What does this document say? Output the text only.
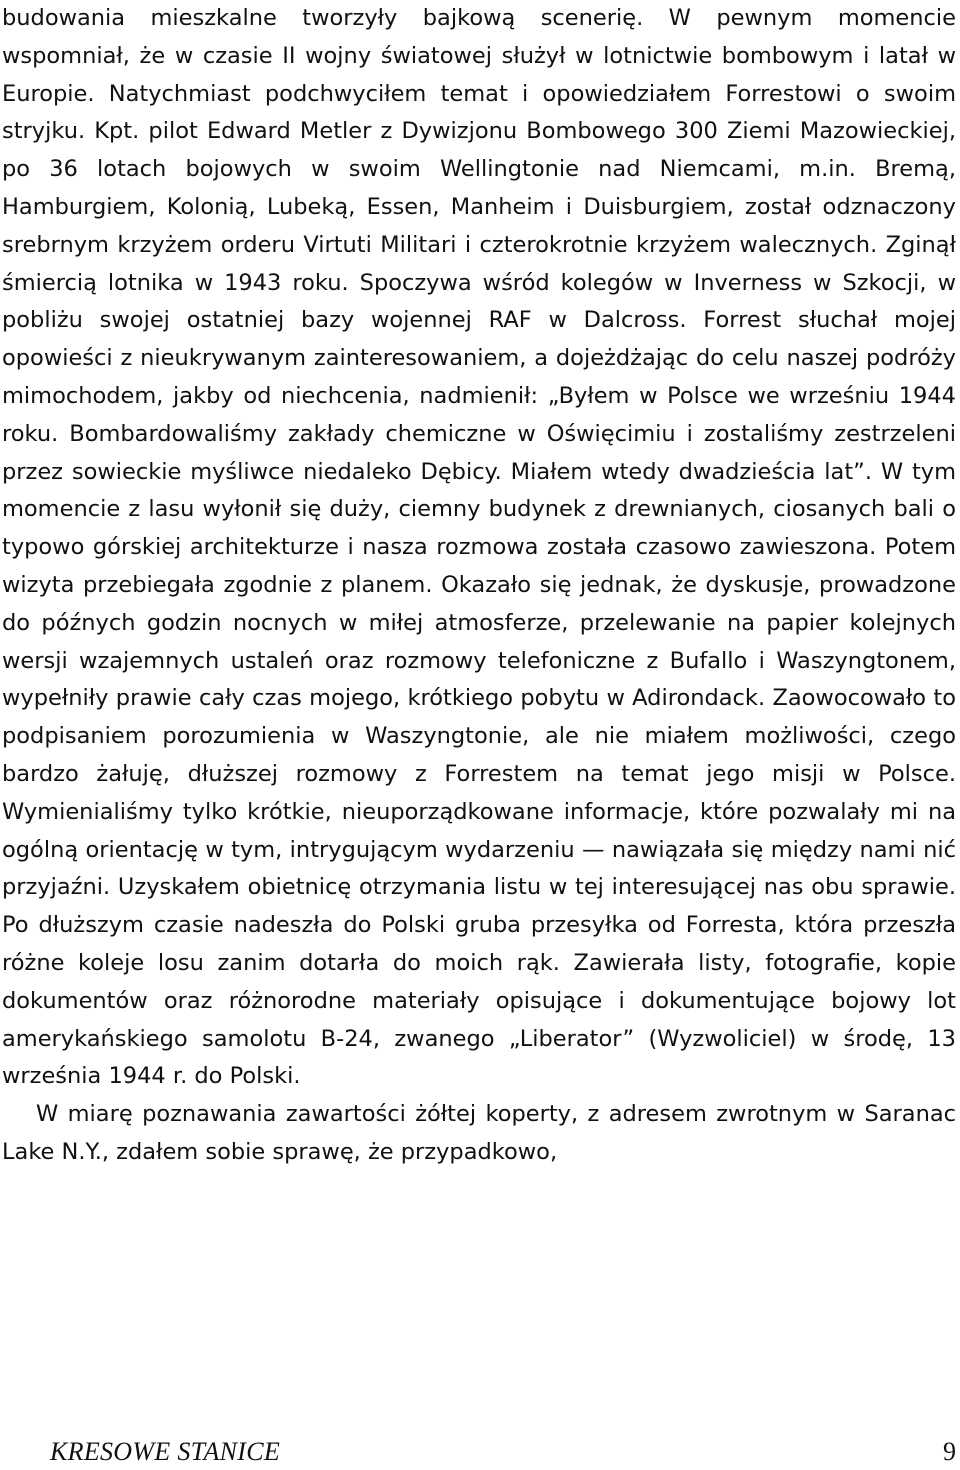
budowania mieszkalne tworzyły bajkową scenerię. W pewnym momencie wspomniał, że w czasie II wojny światowej służył w lotnictwie bombowym i latał w Europie. Natychmiast podchwyciłem temat i opowiedziałem Forrestowi o swoim stryjku. Kpt. pilot Edward Metler z Dywizjonu Bombowego 300 Ziemi Mazowieckiej, po 36 lotach bojowych w swoim Wellingtonie nad Niemcami, m.in. Bremą, Hamburgiem, Kolonią, Lubeką, Essen, Manheim i Duisburgiem, został odznaczony srebrnym krzyżem orderu Virtuti Militari i czterokrotnie krzyżem walecznych. Zginął śmiercią lotnika w 1943 roku. Spoczywa wśród kolegów w Inverness w Szkocji, w pobliżu swojej ostatniej bazy wojennej RAF w Dalcross. Forrest słuchał mojej opowieści z nieukrywanym zainteresowaniem, a dojeżdżając do celu naszej podróży mimochodem, jakby od niechcenia, nadmienił: „Byłem w Polsce we wrześniu 1944 roku. Bombardowaliśmy zakłady chemiczne w Oświęcimiu i zostaliśmy zestrzeleni przez sowieckie myśliwce niedaleko Dębicy. Miałem wtedy dwadzieścia lat”. W tym momencie z lasu wyłonił się duży, ciemny budynek z drewnianych, ciosanych bali o typowo górskiej architekturze i nasza rozmowa została czasowo zawieszona. Potem wizyta przebiegała zgodnie z planem. Okazało się jednak, że dyskusje, prowadzone do późnych godzin nocnych w miłej atmosferze, przelewanie na papier kolejnych wersji wzajemnych ustaleń oraz rozmowy telefoniczne z Bufallo i Waszyngtonem, wypełniły prawie cały czas mojego, krótkiego pobytu w Adirondack. Zaowocowało to podpisaniem porozumienia w Waszyngtonie, ale nie miałem możliwości, czego bardzo żałuję, dłuższej rozmowy z Forrestem na temat jego misji w Polsce. Wymienialiśmy tylko krótkie, nieuporządkowane informacje, które pozwalały mi na ogólną orientację w tym, intrygującym wydarzeniu — nawiązała się między nami nić przyjaźni. Uzyskałem obietnicę otrzymania listu w tej interesującej nas obu sprawie. Po dłuższym czasie nadeszła do Polski gruba przesyłka od Forresta, która przeszła różne koleje losu zanim dotarła do moich rąk. Zawierała listy, fotografie, kopie dokumentów oraz różnorodne materiały opisujące i dokumentujące bojowy lot amerykańskiego samolotu B-24, zwanego „Liberator” (Wyzwoliciel) w środę, 13 września 1944 r. do Polski.

W miarę poznawania zawartości żółtej koperty, z adresem zwrotnym w Saranac Lake N.Y., zdałem sobie sprawę, że przypadkowo,

KRESOWE STANICE	9
